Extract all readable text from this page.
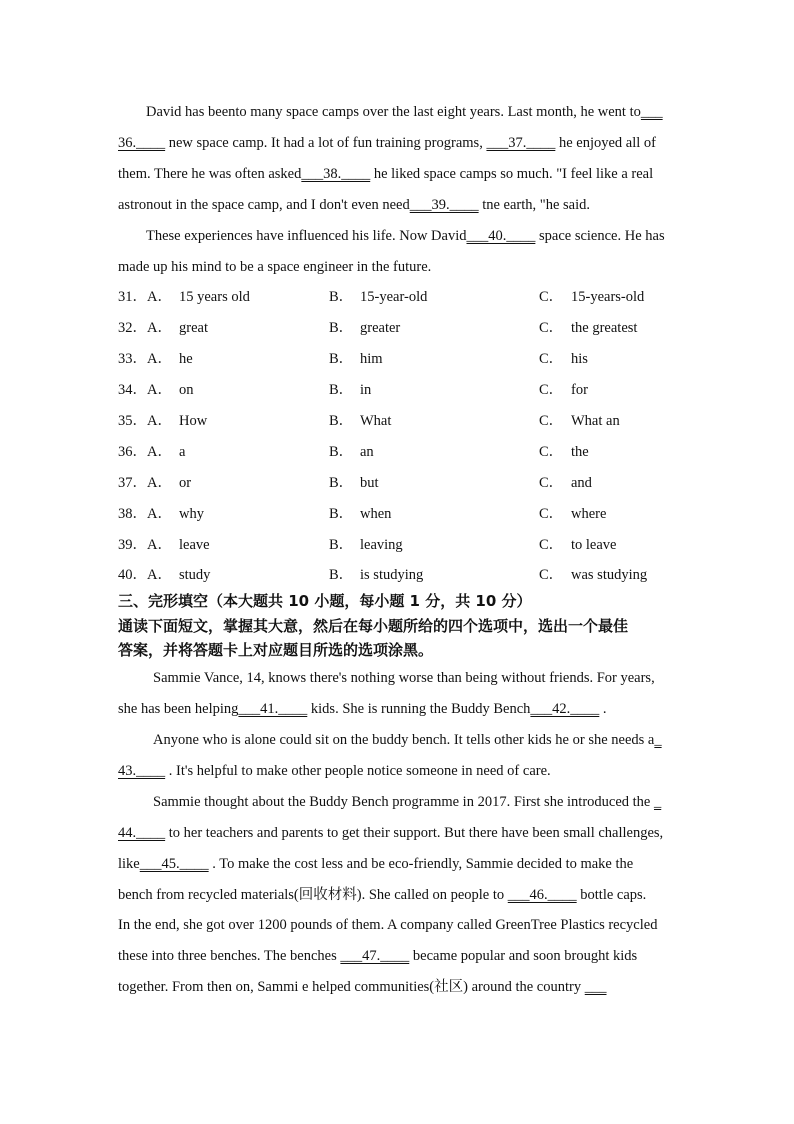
David has beento many space camps over the last eight years. Last month, he went to___
36.____ new space camp. It had a lot of fun training programs, ___37.____ he enjoyed all of
them. There he was often asked___38.____ he liked space camps so much. "I feel like a real
astronout in the space camp, and I don't even need___39.____ tne earth, "he said.
These experiences have influenced his life. Now David___40.____ space science. He has
made up his mind to be a space engineer in the future.
31． A． 15 years old	B． 15-year-old	C． 15-years-old
32． A． great	B． greater	C． the greatest
33． A． he	B． him	C． his
34． A． on	B． in	C． for
35． A． How	B． What	C． What an
36． A． a	B． an	C． the
37． A． or	B． but	C． and
38． A． why	B． when	C． where
39． A． leave	B． leaving	C． to leave
40． A． study	B． is studying	C． was studying
三、完形填空（本大题共 10 小题，每小题 1 分，共 10 分）
通读下面短文，掌握其大意，然后在每小题所给的四个选项中，选出一个最佳
答案，并将答题卡上对应题目所选的选项涂黑。
Sammie Vance, 14, knows there's nothing worse than being without friends. For years,
she has been helping___41.____ kids. She is running the Buddy Bench___42.____ .
Anyone who is alone could sit on the buddy bench. It tells other kids he or she needs a_
43.____ . It's helpful to make other people notice someone in need of care.
Sammie thought about the Buddy Bench programme in 2017. First she introduced the _
44.____ to her teachers and parents to get their support. But there have been small challenges,
like___45.____ . To make the cost less and be eco-friendly, Sammie decided to make the
bench from recycled materials(回收材料). She called on people to ___46.____ bottle caps.
In the end, she got over 1200 pounds of them. A company called GreenTree Plastics recycled
these into three benches. The benches ___47.____ became popular and soon brought kids
together. From then on, Sammi e helped communities(社区) around the country ___
